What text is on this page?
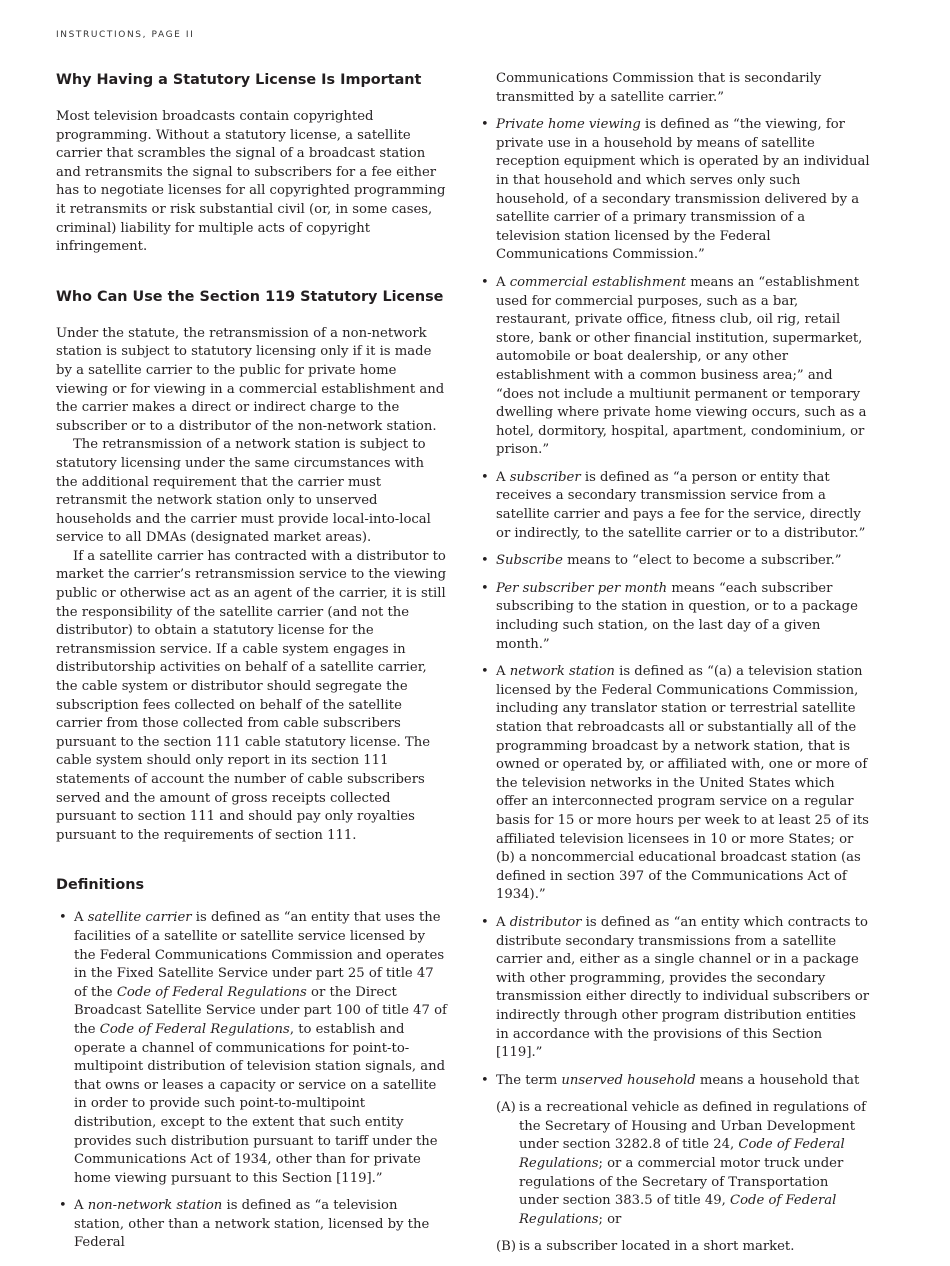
INSTRUCTIONS, PAGE II
Why Having a Statutory License Is Important

Most television broadcasts contain copyrighted programming. Without a statutory license, a satellite carrier that scrambles the signal of a broadcast station and retransmits the signal to subscribers for a fee either has to negotiate licenses for all copyrighted programming it retransmits or risk substantial civil (or, in some cases, criminal) liability for multiple acts of copyright infringement.

Who Can Use the Section 119 Statutory License

Under the statute, the retransmission of a non-network station is subject to statutory licensing only if it is made by a satellite carrier to the public for private home viewing or for viewing in a commercial establishment and the carrier makes a direct or indirect charge to the subscriber or to a distributor of the non-network station.

The retransmission of a network station is subject to statutory licensing under the same circumstances with the additional requirement that the carrier must retransmit the network station only to unserved households and the carrier must provide local-into-local service to all DMAs (designated market areas).

If a satellite carrier has contracted with a distributor to market the carrier’s retransmission service to the viewing public or otherwise act as an agent of the carrier, it is still the responsibility of the satellite carrier (and not the distributor) to obtain a statutory license for the retransmission service. If a cable system engages in distributorship activities on behalf of a satellite carrier, the cable system or distributor should segregate the subscription fees collected on behalf of the satellite carrier from those collected from cable subscribers pursuant to the section 111 cable statutory license. The cable system should only report in its section 111 statements of account the number of cable subscribers served and the amount of gross receipts collected pursuant to section 111 and should pay only royalties pursuant to the requirements of section 111.

Definitions
• A satellite carrier is defined as “an entity that uses the facilities of a satellite or satellite service licensed by the Federal Communications Commission and operates in the Fixed Satellite Service under part 25 of title 47 of the Code of Federal Regulations or the Direct Broadcast Satellite Service under part 100 of title 47 of the Code of Federal Regulations, to establish and operate a channel of communications for point-to-multipoint distribution of television station signals, and that owns or leases a capacity or service on a satellite in order to provide such point-to-multipoint distribution, except to the extent that such entity provides such distribution pursuant to tariff under the Communications Act of 1934, other than for private home viewing pursuant to this Section [119].”
• A non-network station is defined as “a television station, other than a network station, licensed by the Federal
Communications Commission that is secondarily transmitted by a satellite carrier.”
• Private home viewing is defined as “the viewing, for private use in a household by means of satellite reception equipment which is operated by an individual in that household and which serves only such household, of a secondary transmission delivered by a satellite carrier of a primary transmission of a television station licensed by the Federal Communications Commission.”
• A commercial establishment means an “establishment used for commercial purposes, such as a bar, restaurant, private office, fitness club, oil rig, retail store, bank or other financial institution, supermarket, automobile or boat dealership, or any other establishment with a common business area;” and “does not include a multiunit permanent or temporary dwelling where private home viewing occurs, such as a hotel, dormitory, hospital, apartment, condominium, or prison.”
• A subscriber is defined as “a person or entity that receives a secondary transmission service from a satellite carrier and pays a fee for the service, directly or indirectly, to the satellite carrier or to a distributor.”
• Subscribe means to “elect to become a subscriber.”
• Per subscriber per month means “each subscriber subscribing to the station in question, or to a package including such station, on the last day of a given month.”
• A network station is defined as “(a) a television station licensed by the Federal Communications Commission, including any translator station or terrestrial satellite station that rebroadcasts all or substantially all of the programming broadcast by a network station, that is owned or operated by, or affiliated with, one or more of the television networks in the United States which offer an interconnected program service on a regular basis for 15 or more hours per week to at least 25 of its affiliated television licensees in 10 or more States; or (b) a noncommercial educational broadcast station (as defined in section 397 of the Communications Act of 1934).”
• A distributor is defined as “an entity which contracts to distribute secondary transmissions from a satellite carrier and, either as a single channel or in a package with other programming, provides the secondary transmission either directly to individual subscribers or indirectly through other program distribution entities in accordance with the provisions of this Section [119].”
• The term unserved household means a household that
(A) is a recreational vehicle as defined in regulations of the Secretary of Housing and Urban Development under section 3282.8 of title 24, Code of Federal Regulations; or a commercial motor truck under regulations of the Secretary of Transportation under section 383.5 of title 49, Code of Federal Regulations; or
(B) is a subscriber located in a short market.
